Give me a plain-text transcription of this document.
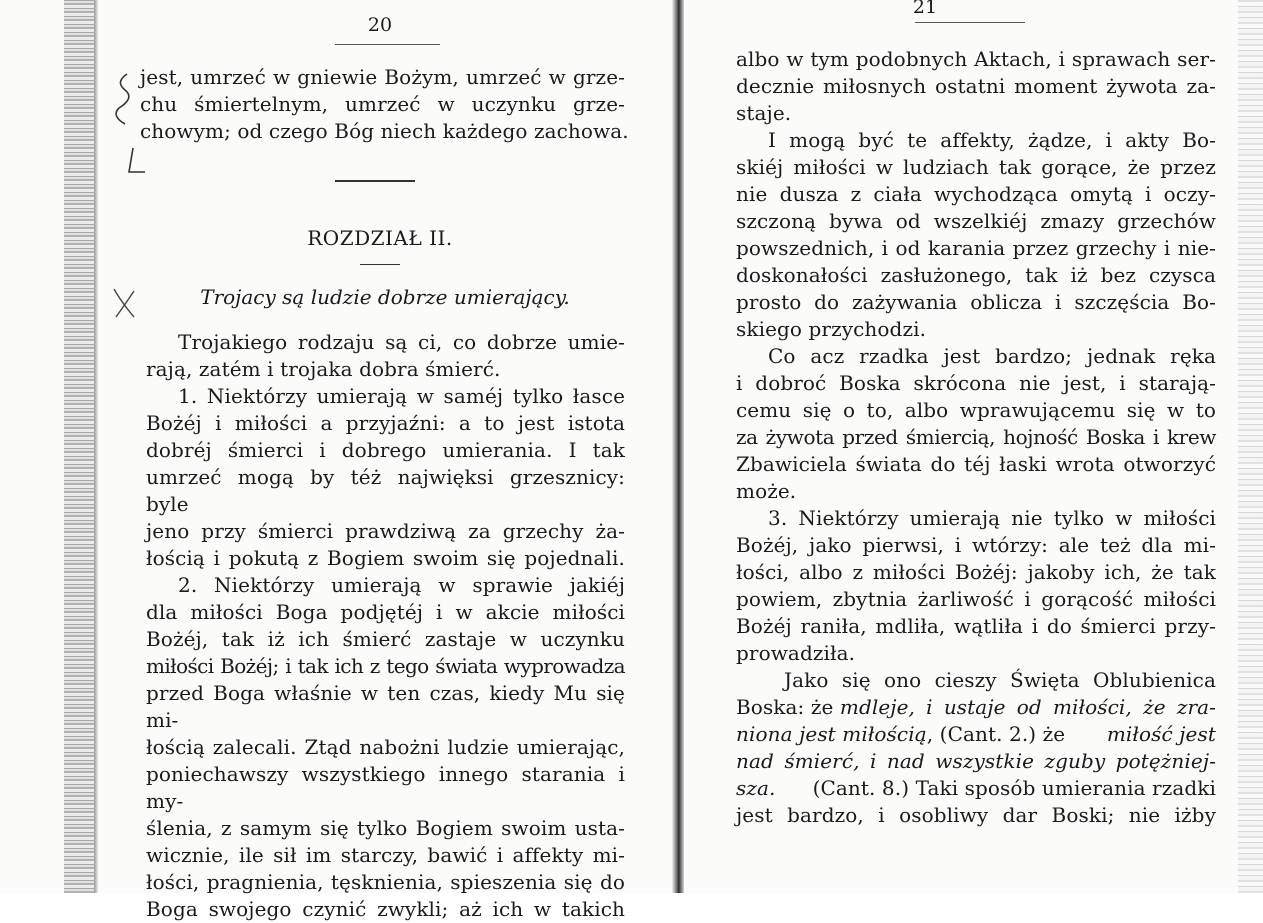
20
jest, umrzeć w gniewie Bożym, umrzeć w grze-
chu śmiertelnym, umrzeć w uczynku grze-
chowym; od czego Bóg niech każdego zachowa.
ROZDZIAŁ II.
Trojacy są ludzie dobrze umierający.
Trojakiego rodzaju są ci, co dobrze umie-
rają, zatém i trojaka dobra śmierć.
1. Niektórzy umierają w saméj tylko łasce
Bożéj i miłości a przyjaźni: a to jest istota
dobréj śmierci i dobrego umierania. I tak
umrzeć mogą by téż najwięksi grzesznicy: byle
jeno przy śmierci prawdziwą za grzechy ża-
łością i pokutą z Bogiem swoim się pojednali.
2. Niektórzy umierają w sprawie jakiéj
dla miłości Boga podjętéj i w akcie miłości
Bożéj, tak iż ich śmierć zastaje w uczynku
miłości Bożéj; i tak ich z tego świata wyprowadza
przed Boga właśnie w ten czas, kiedy Mu się mi-
łością zalecali. Ztąd nabożni ludzie umierając,
poniechawszy wszystkiego innego starania i my-
ślenia, z samym się tylko Bogiem swoim usta-
wicznie, ile sił im starczy, bawić i affekty mi-
łości, pragnienia, tęsknienia, spieszenia się do
Boga swojego czynić zwykli; aż ich w takich
21
albo w tym podobnych Aktach, i sprawach ser-
decznie miłosnych ostatni moment żywota za-
staje.
I mogą być te affekty, żądze, i akty Bo-
skiéj miłości w ludziach tak gorące, że przez
nie dusza z ciała wychodząca omytą i oczy-
szczoną bywa od wszelkiéj zmazy grzechów
powszednich, i od karania przez grzechy i nie-
doskonałości zasłużonego, tak iż bez czysca
prosto do zażywania oblicza i szczęścia Bo-
skiego przychodzi.
Co acz rzadka jest bardzo; jednak ręka
i dobroć Boska skrócona nie jest, i starają-
cemu się o to, albo wprawującemu się w to
za żywota przed śmiercią, hojność Boska i krew
Zbawiciela świata do téj łaski wrota otworzyć
może.
3. Niektórzy umierają nie tylko w miłości
Bożéj, jako pierwsi, i wtórzy: ale też dla mi-
łości, albo z miłości Bożéj: jakoby ich, że tak
powiem, zbytnia żarliwość i gorącość miłości
Bożéj raniła, mdliła, wątliła i do śmierci przy-
prowadziła.
Jako się ono cieszy Święta Oblubienica
Boska: że mdleje, i ustaje od miłości, że zra-
niona jest miłością , (Cant. 2.) że	miłość jest
nad śmierć, i nad wszystkie zguby potężniej-
sza.	(Cant. 8.) Taki sposób umierania rzadki
jest bardzo, i osobliwy dar Boski; nie iżby
